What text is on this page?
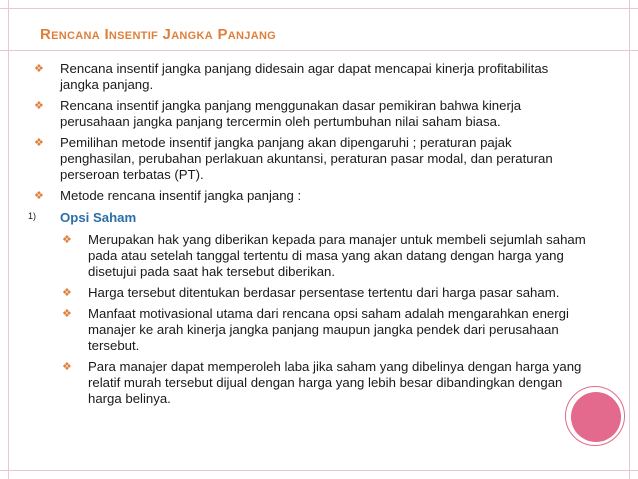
Rencana Insentif Jangka Panjang
❖ Rencana insentif jangka panjang didesain agar dapat mencapai kinerja profitabilitas jangka panjang.
❖ Rencana insentif jangka panjang menggunakan dasar pemikiran bahwa kinerja perusahaan jangka panjang tercermin oleh pertumbuhan nilai saham biasa.
❖ Pemilihan metode insentif jangka panjang akan dipengaruhi ; peraturan pajak penghasilan, perubahan perlakuan akuntansi, peraturan pasar modal, dan peraturan perseroan terbatas (PT).
❖ Metode rencana insentif jangka panjang :
1) Opsi Saham
❖ Merupakan hak yang diberikan kepada para manajer untuk membeli sejumlah saham pada atau setelah tanggal tertentu di masa yang akan datang dengan harga yang disetujui pada saat hak tersebut diberikan.
❖ Harga tersebut ditentukan berdasar persentase tertentu dari harga pasar saham.
❖ Manfaat motivasional utama dari rencana opsi saham adalah mengarahkan energi manajer ke arah kinerja jangka panjang maupun jangka pendek dari perusahaan tersebut.
❖ Para manajer dapat memperoleh laba jika saham yang dibelinya dengan harga yang relatif murah tersebut dijual dengan harga yang lebih besar dibandingkan dengan harga belinya.
